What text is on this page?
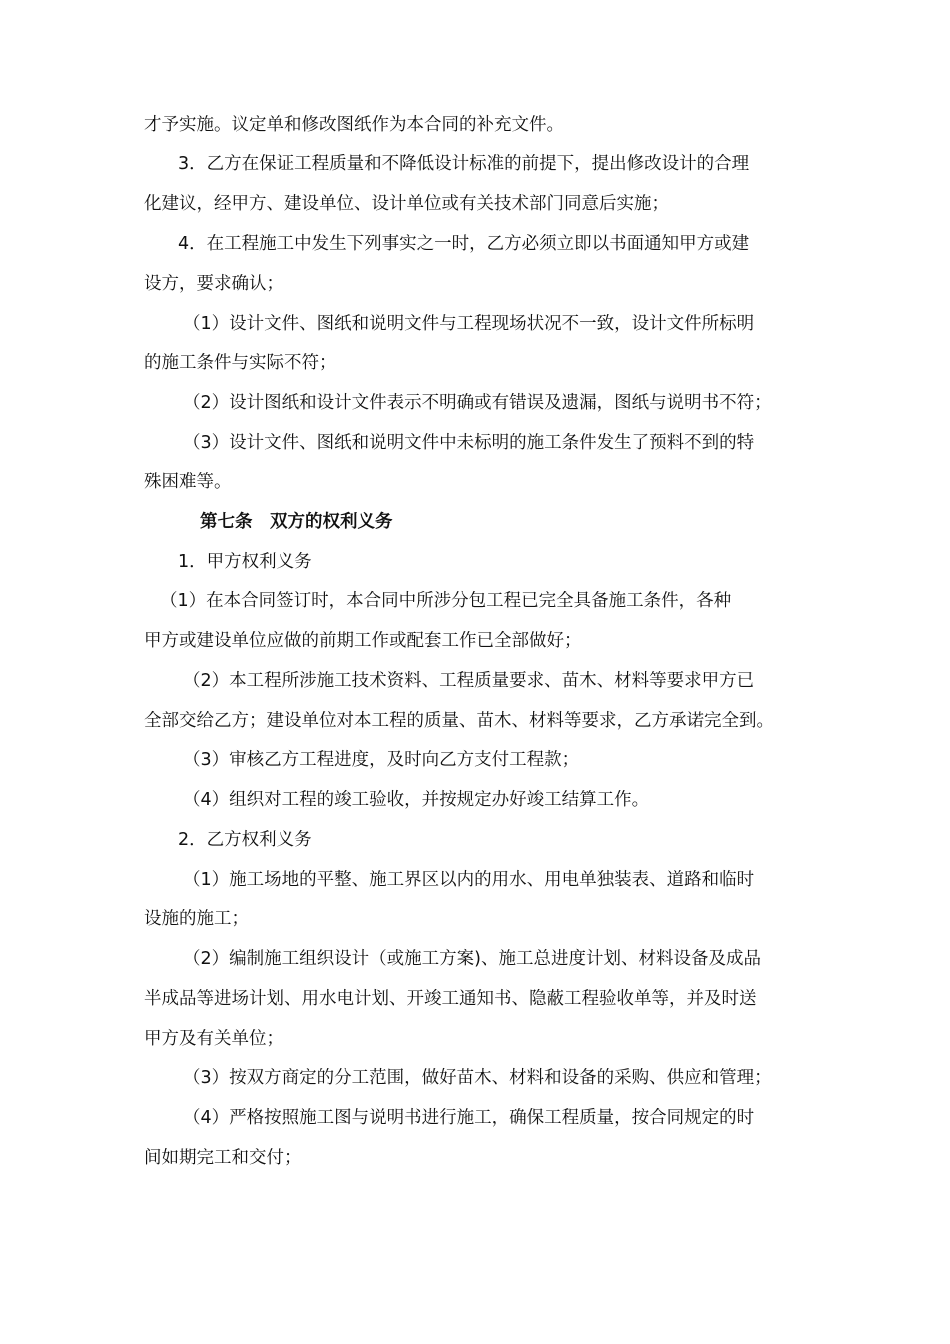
才予实施。议定单和修改图纸作为本合同的补充文件。
3．乙方在保证工程质量和不降低设计标准的前提下，提出修改设计的合理
化建议，经甲方、建设单位、设计单位或有关技术部门同意后实施；
4．在工程施工中发生下列事实之一时，乙方必须立即以书面通知甲方或建
设方，要求确认；
（1）设计文件、图纸和说明文件与工程现场状况不一致，设计文件所标明
的施工条件与实际不符；
（2）设计图纸和设计文件表示不明确或有错误及遗漏，图纸与说明书不符；
（3）设计文件、图纸和说明文件中未标明的施工条件发生了预料不到的特
殊困难等。
第七条　双方的权利义务
1．甲方权利义务
（1）在本合同签订时，本合同中所涉分包工程已完全具备施工条件，各种
甲方或建设单位应做的前期工作或配套工作已全部做好；
（2）本工程所涉施工技术资料、工程质量要求、苗木、材料等要求甲方已
全部交给乙方；建设单位对本工程的质量、苗木、材料等要求，乙方承诺完全到。
（3）审核乙方工程进度，及时向乙方支付工程款；
（4）组织对工程的竣工验收，并按规定办好竣工结算工作。
2．乙方权利义务
（1）施工场地的平整、施工界区以内的用水、用电单独装表、道路和临时
设施的施工；
（2）编制施工组织设计（或施工方案)、施工总进度计划、材料设备及成品
半成品等进场计划、用水电计划、开竣工通知书、隐蔽工程验收单等，并及时送
甲方及有关单位；
（3）按双方商定的分工范围，做好苗木、材料和设备的采购、供应和管理；
（4）严格按照施工图与说明书进行施工，确保工程质量，按合同规定的时
间如期完工和交付；
